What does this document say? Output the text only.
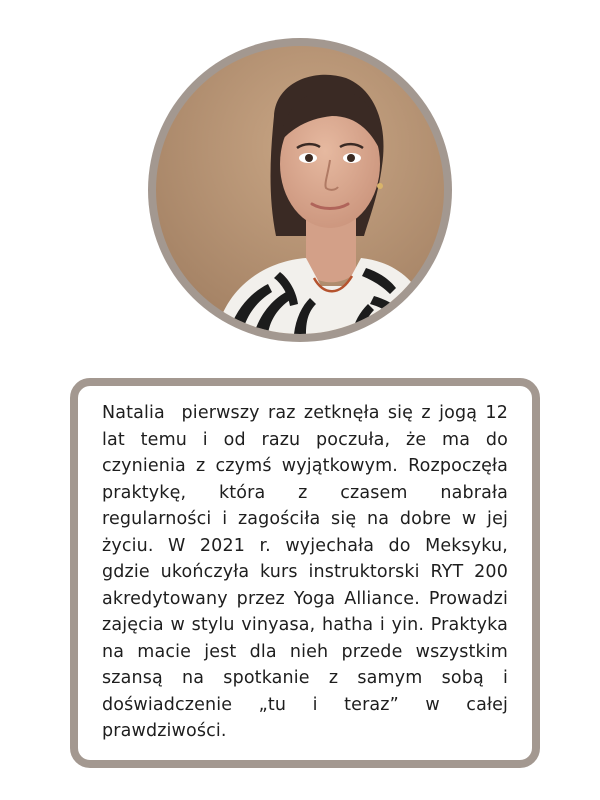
Natalia  pierwszy raz zetknęła się z jogą 12 lat temu i od razu poczuła, że ma do czynienia z czymś wyjątkowym. Rozpoczęła praktykę, która z czasem nabrała regularności i zagościła się na dobre w jej życiu. W 2021 r. wyjechała do Meksyku, gdzie ukończyła kurs instruktorski RYT 200 akredytowany przez Yoga Alliance. Prowadzi zajęcia w stylu vinyasa, hatha i yin. Praktyka na macie jest dla nieh przede wszystkim szansą na spotkanie z samym sobą i doświadczenie „tu i teraz” w całej prawdziwości.
